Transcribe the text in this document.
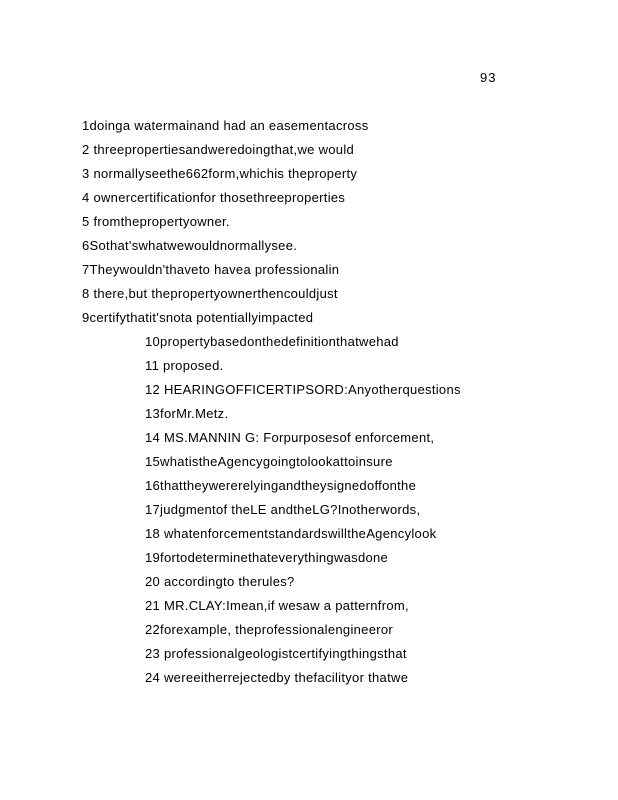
93
1doinga watermainand had an easementacross
2 threepropertiesandweredoingthat,we would
3 normallyseethe662form,whichis theproperty
4 ownercertificationfor thosethreeproperties
5 fromthepropertyowner.
6Sothat'swhatwewouldnormallysee.
7Theywouldn'thaveto havea professionalin
8 there,but thepropertyownerthencouldjust
9certifythatit'snota potentiallyimpacted
10propertybasedonthedefinitionthatwehad
11 proposed.
12 HEARINGOFFICERTIPSORD:Anyotherquestions
13forMr.Metz.
14 MS.MANNIN G: Forpurposesof enforcement,
15whatistheAgencygoingtolookattoinsure
16thattheywererelyingandtheysignedoffonthe
17judgmentof theLE andtheLG?Inotherwords,
18 whatenforcementstandardswilltheAgencylook
19fortodeterminethateverythingwasdone
20 accordingto therules?
21 MR.CLAY:Imean,if wesaw a patternfrom,
22forexample, theprofessionalengineeror
23 professionalgeologistcertifyingthingsthat
24 wereeitherrejectedby thefacilityor thatwe
